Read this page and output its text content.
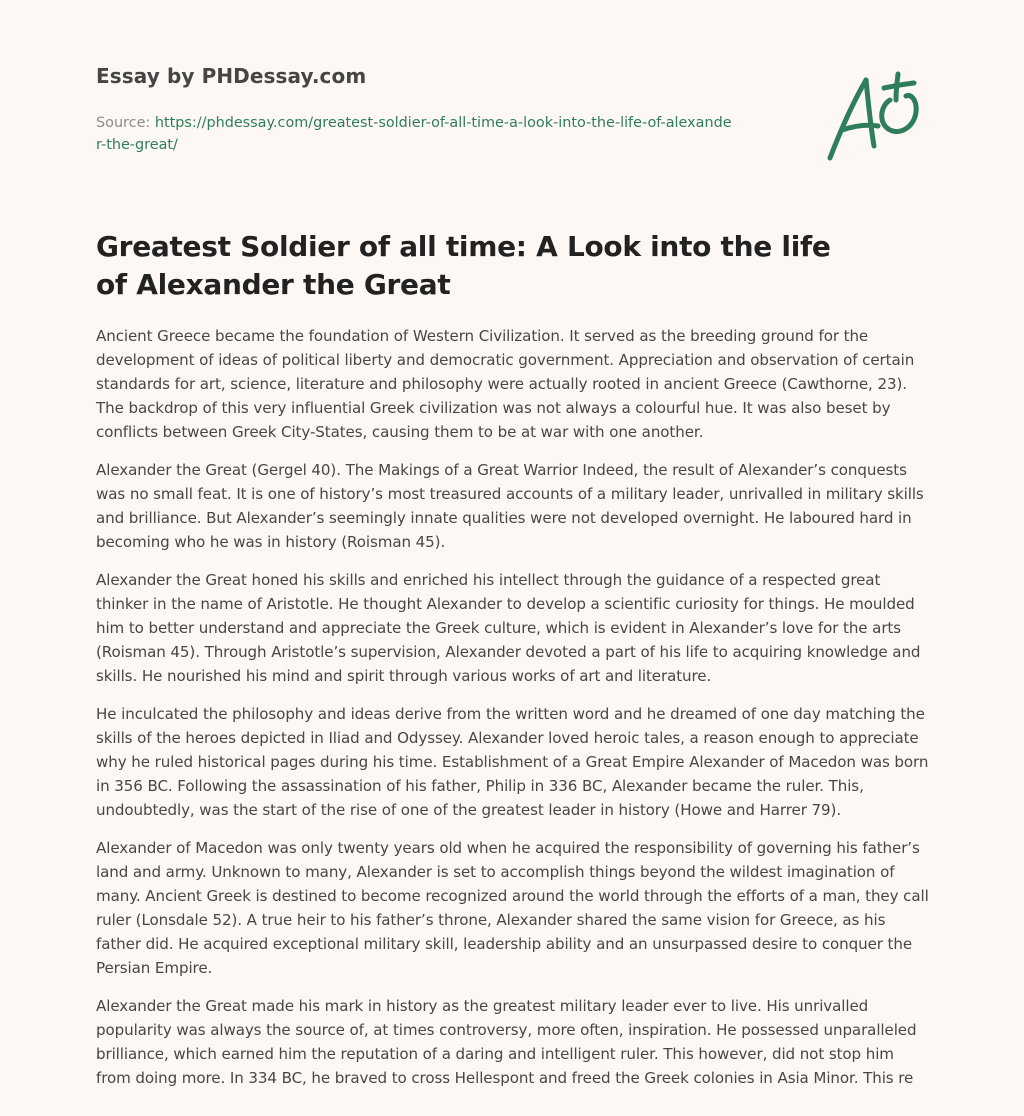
Essay by PHDessay.com
Source: https://phdessay.com/greatest-soldier-of-all-time-a-look-into-the-life-of-alexander-the-great/
Greatest Soldier of all time: A Look into the life of Alexander the Great

Ancient Greece became the foundation of Western Civilization. It served as the breeding ground for the development of ideas of political liberty and democratic government. Appreciation and observation of certain standards for art, science, literature and philosophy were actually rooted in ancient Greece (Cawthorne, 23). The backdrop of this very influential Greek civilization was not always a colourful hue. It was also beset by conflicts between Greek City-States, causing them to be at war with one another.

Alexander the Great (Gergel 40). The Makings of a Great Warrior Indeed, the result of Alexander’s conquests was no small feat. It is one of history’s most treasured accounts of a military leader, unrivalled in military skills and brilliance. But Alexander’s seemingly innate qualities were not developed overnight. He laboured hard in becoming who he was in history (Roisman 45).

Alexander the Great honed his skills and enriched his intellect through the guidance of a respected great thinker in the name of Aristotle. He thought Alexander to develop a scientific curiosity for things. He moulded him to better understand and appreciate the Greek culture, which is evident in Alexander’s love for the arts (Roisman 45). Through Aristotle’s supervision, Alexander devoted a part of his life to acquiring knowledge and skills. He nourished his mind and spirit through various works of art and literature.

He inculcated the philosophy and ideas derive from the written word and he dreamed of one day matching the skills of the heroes depicted in Iliad and Odyssey. Alexander loved heroic tales, a reason enough to appreciate why he ruled historical pages during his time. Establishment of a Great Empire Alexander of Macedon was born in 356 BC. Following the assassination of his father, Philip in 336 BC, Alexander became the ruler. This, undoubtedly, was the start of the rise of one of the greatest leader in history (Howe and Harrer 79).

Alexander of Macedon was only twenty years old when he acquired the responsibility of governing his father’s land and army. Unknown to many, Alexander is set to accomplish things beyond the wildest imagination of many. Ancient Greek is destined to become recognized around the world through the efforts of a man, they call ruler (Lonsdale 52). A true heir to his father’s throne, Alexander shared the same vision for Greece, as his father did. He acquired exceptional military skill, leadership ability and an unsurpassed desire to conquer the Persian Empire.

Alexander the Great made his mark in history as the greatest military leader ever to live. His unrivalled popularity was always the source of, at times controversy, more often, inspiration. He possessed unparalleled brilliance, which earned him the reputation of a daring and intelligent ruler. This however, did not stop him from doing more. In 334 BC, he braved to cross Hellespont and freed the Greek colonies in Asia Minor. This re
